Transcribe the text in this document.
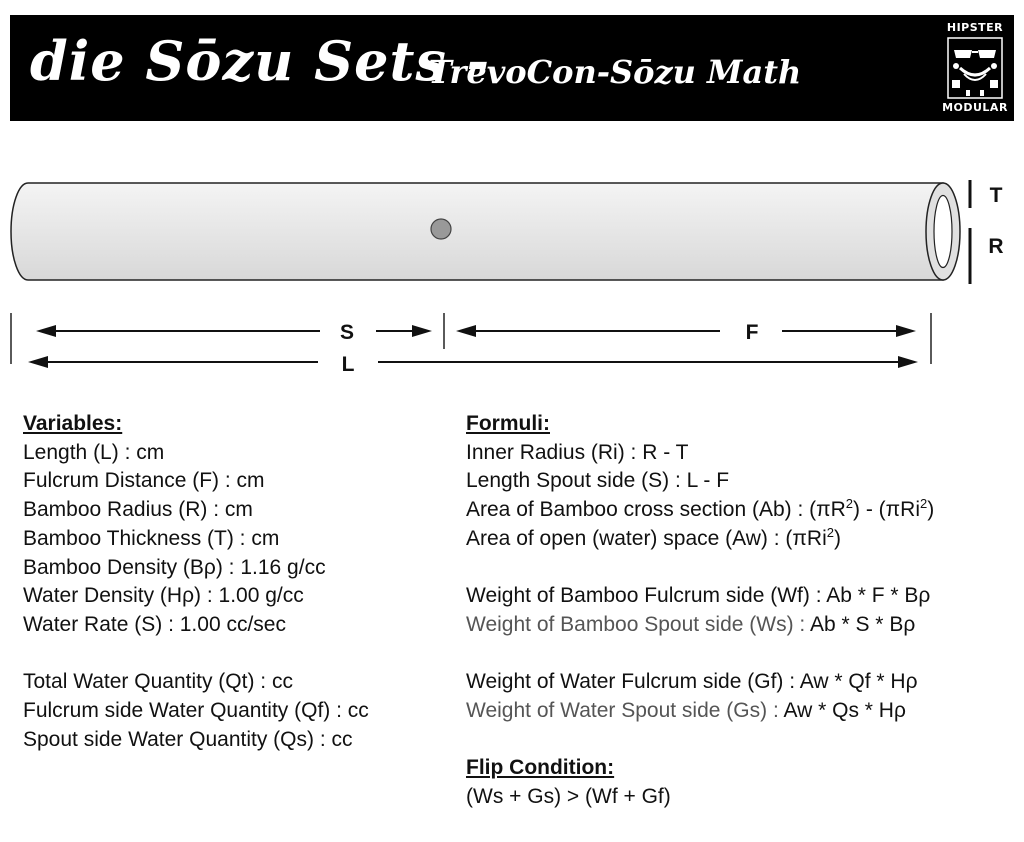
die Sōzu Sets -
TrevoCon-Sōzu Math
HIPSTER
MODULAR
T
R
S	F
L
Variables:
Length (L) : cm
Fulcrum Distance (F) : cm
Bamboo Radius (R) : cm
Bamboo Thickness (T) : cm
Bamboo Density (Bρ) : 1.16 g/cc
Water Density (Hρ) : 1.00 g/cc
Water Rate (S) : 1.00 cc/sec
Total Water Quantity (Qt) : cc
Fulcrum side Water Quantity (Qf) : cc
Spout side Water Quantity (Qs) : cc
Formuli:
Inner Radius (Ri) : R - T
Length Spout side (S) : L - F
Area of Bamboo cross section (Ab) : $(\pi R^2) - (\pi Ri^2)$
Area of open (water) space (Aw) : (πRi$^2$)
Weight of Bamboo Fulcrum side (Wf) : Ab * F * Bρ
Weight of Bamboo Spout side (Ws) : Ab * S * Bρ
Weight of Water Fulcrum side (Gf) : Aw * Qf * Hρ
Weight of Water Spout side (Gs) : Aw * Qs * Hρ
Flip Condition:
(Ws + Gs) > (Wf + Gf)
